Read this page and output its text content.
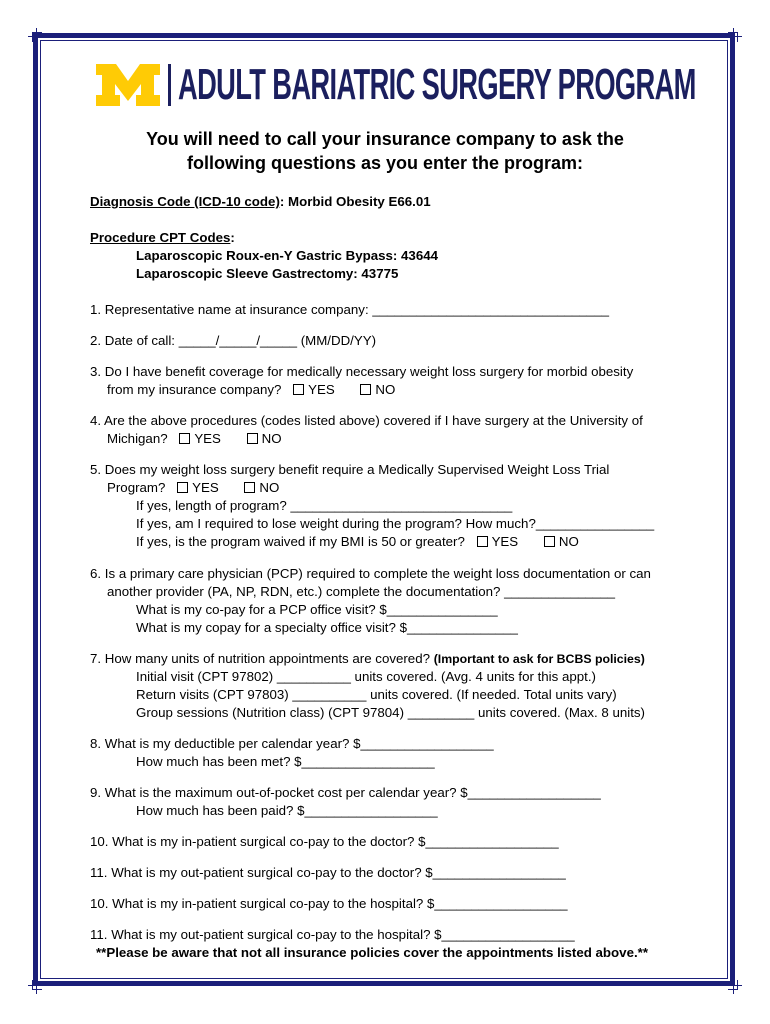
ADULT BARIATRIC SURGERY PROGRAM
You will need to call your insurance company to ask the
following questions as you enter the program:
Diagnosis Code (ICD-10 code): Morbid Obesity E66.01
Procedure CPT Codes:
Laparoscopic Roux-en-Y Gastric Bypass: 43644
Laparoscopic Sleeve Gastrectomy: 43775
1. Representative name at insurance company: ________________________________
2. Date of call: _____/_____/_____ (MM/DD/YY)
3. Do I have benefit coverage for medically necessary weight loss surgery for morbid obesity
from my insurance company? YES	NO
4. Are the above procedures (codes listed above) covered if I have surgery at the University of
Michigan? YES	NO
5. Does my weight loss surgery benefit require a Medically Supervised Weight Loss Trial
Program? YES	NO
If yes, length of program? ______________________________
If yes, am I required to lose weight during the program? How much?________________
If yes, is the program waived if my BMI is 50 or greater? YES	NO
6. Is a primary care physician (PCP) required to complete the weight loss documentation or can
another provider (PA, NP, RDN, etc.) complete the documentation? _______________
What is my co-pay for a PCP office visit? $_______________
What is my copay for a specialty office visit? $_______________
7. How many units of nutrition appointments are covered? (Important to ask for BCBS policies)
Initial visit (CPT 97802) __________ units covered. (Avg. 4 units for this appt.)
Return visits (CPT 97803) __________ units covered. (If needed. Total units vary)
Group sessions (Nutrition class) (CPT 97804) _________ units covered. (Max. 8 units)
8. What is my deductible per calendar year? $__________________
How much has been met? $__________________
9. What is the maximum out-of-pocket cost per calendar year? $__________________
How much has been paid? $__________________
10. What is my in-patient surgical co-pay to the doctor? $__________________
11. What is my out-patient surgical co-pay to the doctor? $__________________
10. What is my in-patient surgical co-pay to the hospital? $__________________
11. What is my out-patient surgical co-pay to the hospital? $__________________
**Please be aware that not all insurance policies cover the appointments listed above.**
